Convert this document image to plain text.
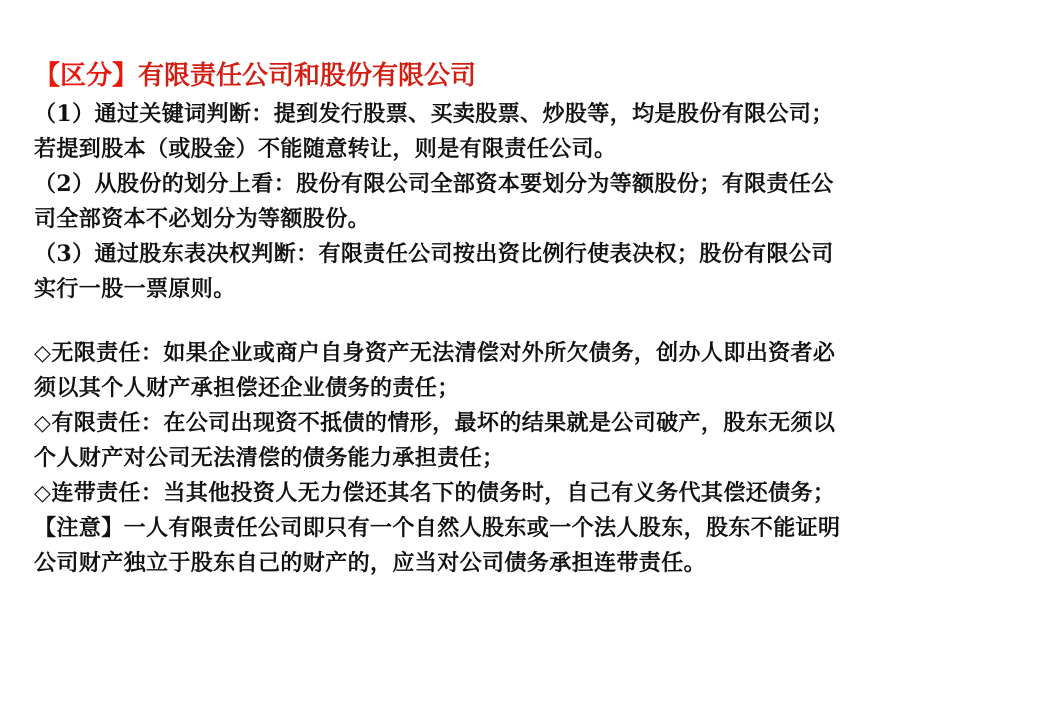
【区分】有限责任公司和股份有限公司
（1）通过关键词判断：提到发行股票、买卖股票、炒股等，均是股份有限公司；
若提到股本（或股金）不能随意转让，则是有限责任公司。
（2）从股份的划分上看：股份有限公司全部资本要划分为等额股份；有限责任公
司全部资本不必划分为等额股份。
（3）通过股东表决权判断：有限责任公司按出资比例行使表决权；股份有限公司
实行一股一票原则。
◇无限责任：如果企业或商户自身资产无法清偿对外所欠债务，创办人即出资者必
须以其个人财产承担偿还企业债务的责任；
◇有限责任：在公司出现资不抵债的情形，最坏的结果就是公司破产，股东无须以
个人财产对公司无法清偿的债务能力承担责任；
◇连带责任：当其他投资人无力偿还其名下的债务时，自己有义务代其偿还债务；
【注意】一人有限责任公司即只有一个自然人股东或一个法人股东，股东不能证明
公司财产独立于股东自己的财产的，应当对公司债务承担连带责任。
